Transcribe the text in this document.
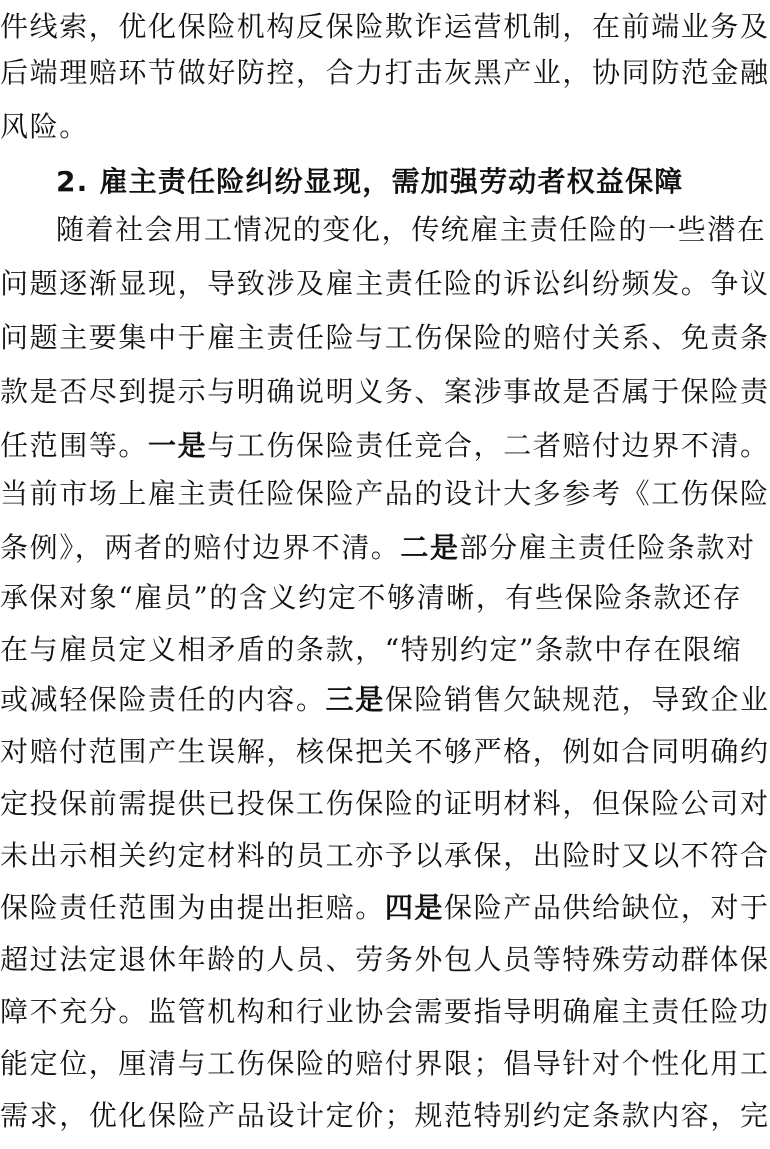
件线索，优化保险机构反保险欺诈运营机制，在前端业务及
后端理赔环节做好防控，合力打击灰黑产业，协同防范金融
风险。
2. 雇主责任险纠纷显现，需加强劳动者权益保障
随着社会用工情况的变化，传统雇主责任险的一些潜在
问题逐渐显现，导致涉及雇主责任险的诉讼纠纷频发。争议
问题主要集中于雇主责任险与工伤保险的赔付关系、免责条
款是否尽到提示与明确说明义务、案涉事故是否属于保险责
任范围等。一是与工伤保险责任竞合，二者赔付边界不清。
当前市场上雇主责任险保险产品的设计大多参考《工伤保险
条例》，两者的赔付边界不清。二是部分雇主责任险条款对
承保对象“雇员”的含义约定不够清晰，有些保险条款还存
在与雇员定义相矛盾的条款，“特别约定”条款中存在限缩
或减轻保险责任的内容。三是保险销售欠缺规范，导致企业
对赔付范围产生误解，核保把关不够严格，例如合同明确约
定投保前需提供已投保工伤保险的证明材料，但保险公司对
未出示相关约定材料的员工亦予以承保，出险时又以不符合
保险责任范围为由提出拒赔。四是保险产品供给缺位，对于
超过法定退休年龄的人员、劳务外包人员等特殊劳动群体保
障不充分。监管机构和行业协会需要指导明确雇主责任险功
能定位，厘清与工伤保险的赔付界限；倡导针对个性化用工
需求，优化保险产品设计定价；规范特别约定条款内容，完
